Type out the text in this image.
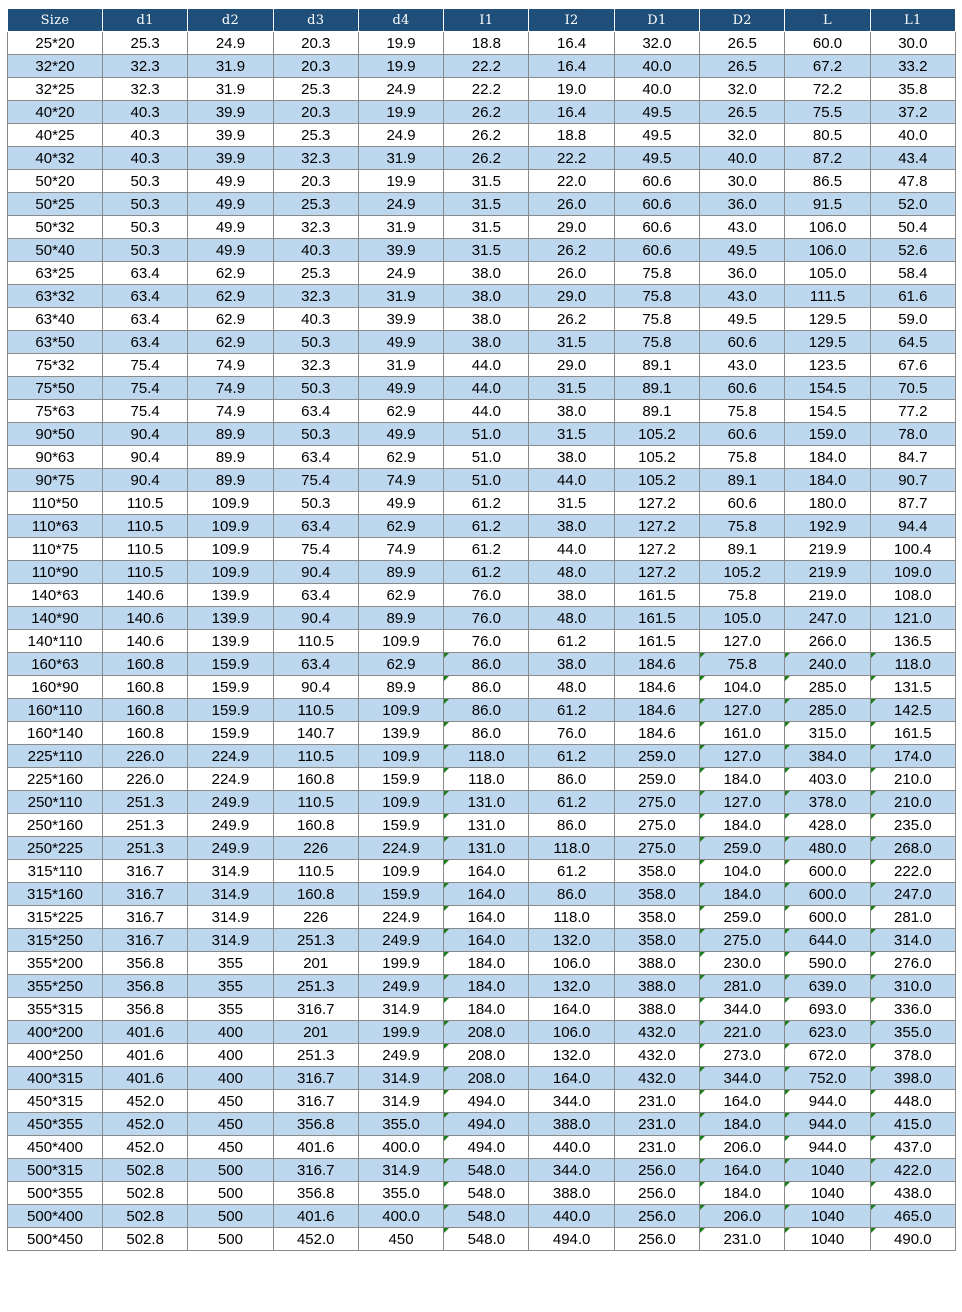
Size	d1	d2	d3	d4	I1	I2	D1	D2	L	L1
25*20	25.3	24.9	20.3	19.9	18.8	16.4	32.0	26.5	60.0	30.0
32*20	32.3	31.9	20.3	19.9	22.2	16.4	40.0	26.5	67.2	33.2
32*25	32.3	31.9	25.3	24.9	22.2	19.0	40.0	32.0	72.2	35.8
40*20	40.3	39.9	20.3	19.9	26.2	16.4	49.5	26.5	75.5	37.2
40*25	40.3	39.9	25.3	24.9	26.2	18.8	49.5	32.0	80.5	40.0
40*32	40.3	39.9	32.3	31.9	26.2	22.2	49.5	40.0	87.2	43.4
50*20	50.3	49.9	20.3	19.9	31.5	22.0	60.6	30.0	86.5	47.8
50*25	50.3	49.9	25.3	24.9	31.5	26.0	60.6	36.0	91.5	52.0
50*32	50.3	49.9	32.3	31.9	31.5	29.0	60.6	43.0	106.0	50.4
50*40	50.3	49.9	40.3	39.9	31.5	26.2	60.6	49.5	106.0	52.6
63*25	63.4	62.9	25.3	24.9	38.0	26.0	75.8	36.0	105.0	58.4
63*32	63.4	62.9	32.3	31.9	38.0	29.0	75.8	43.0	111.5	61.6
63*40	63.4	62.9	40.3	39.9	38.0	26.2	75.8	49.5	129.5	59.0
63*50	63.4	62.9	50.3	49.9	38.0	31.5	75.8	60.6	129.5	64.5
75*32	75.4	74.9	32.3	31.9	44.0	29.0	89.1	43.0	123.5	67.6
75*50	75.4	74.9	50.3	49.9	44.0	31.5	89.1	60.6	154.5	70.5
75*63	75.4	74.9	63.4	62.9	44.0	38.0	89.1	75.8	154.5	77.2
90*50	90.4	89.9	50.3	49.9	51.0	31.5	105.2	60.6	159.0	78.0
90*63	90.4	89.9	63.4	62.9	51.0	38.0	105.2	75.8	184.0	84.7
90*75	90.4	89.9	75.4	74.9	51.0	44.0	105.2	89.1	184.0	90.7
110*50	110.5	109.9	50.3	49.9	61.2	31.5	127.2	60.6	180.0	87.7
110*63	110.5	109.9	63.4	62.9	61.2	38.0	127.2	75.8	192.9	94.4
110*75	110.5	109.9	75.4	74.9	61.2	44.0	127.2	89.1	219.9	100.4
110*90	110.5	109.9	90.4	89.9	61.2	48.0	127.2	105.2	219.9	109.0
140*63	140.6	139.9	63.4	62.9	76.0	38.0	161.5	75.8	219.0	108.0
140*90	140.6	139.9	90.4	89.9	76.0	48.0	161.5	105.0	247.0	121.0
140*110	140.6	139.9	110.5	109.9	76.0	61.2	161.5	127.0	266.0	136.5
160*63	160.8	159.9	63.4	62.9	86.0	38.0	184.6	75.8	240.0	118.0
160*90	160.8	159.9	90.4	89.9	86.0	48.0	184.6	104.0	285.0	131.5
160*110	160.8	159.9	110.5	109.9	86.0	61.2	184.6	127.0	285.0	142.5
160*140	160.8	159.9	140.7	139.9	86.0	76.0	184.6	161.0	315.0	161.5
225*110	226.0	224.9	110.5	109.9	118.0	61.2	259.0	127.0	384.0	174.0
225*160	226.0	224.9	160.8	159.9	118.0	86.0	259.0	184.0	403.0	210.0
250*110	251.3	249.9	110.5	109.9	131.0	61.2	275.0	127.0	378.0	210.0
250*160	251.3	249.9	160.8	159.9	131.0	86.0	275.0	184.0	428.0	235.0
250*225	251.3	249.9	226	224.9	131.0	118.0	275.0	259.0	480.0	268.0
315*110	316.7	314.9	110.5	109.9	164.0	61.2	358.0	104.0	600.0	222.0
315*160	316.7	314.9	160.8	159.9	164.0	86.0	358.0	184.0	600.0	247.0
315*225	316.7	314.9	226	224.9	164.0	118.0	358.0	259.0	600.0	281.0
315*250	316.7	314.9	251.3	249.9	164.0	132.0	358.0	275.0	644.0	314.0
355*200	356.8	355	201	199.9	184.0	106.0	388.0	230.0	590.0	276.0
355*250	356.8	355	251.3	249.9	184.0	132.0	388.0	281.0	639.0	310.0
355*315	356.8	355	316.7	314.9	184.0	164.0	388.0	344.0	693.0	336.0
400*200	401.6	400	201	199.9	208.0	106.0	432.0	221.0	623.0	355.0
400*250	401.6	400	251.3	249.9	208.0	132.0	432.0	273.0	672.0	378.0
400*315	401.6	400	316.7	314.9	208.0	164.0	432.0	344.0	752.0	398.0
450*315	452.0	450	316.7	314.9	494.0	344.0	231.0	164.0	944.0	448.0
450*355	452.0	450	356.8	355.0	494.0	388.0	231.0	184.0	944.0	415.0
450*400	452.0	450	401.6	400.0	494.0	440.0	231.0	206.0	944.0	437.0
500*315	502.8	500	316.7	314.9	548.0	344.0	256.0	164.0	1040	422.0
500*355	502.8	500	356.8	355.0	548.0	388.0	256.0	184.0	1040	438.0
500*400	502.8	500	401.6	400.0	548.0	440.0	256.0	206.0	1040	465.0
500*450	502.8	500	452.0	450	548.0	494.0	256.0	231.0	1040	490.0
